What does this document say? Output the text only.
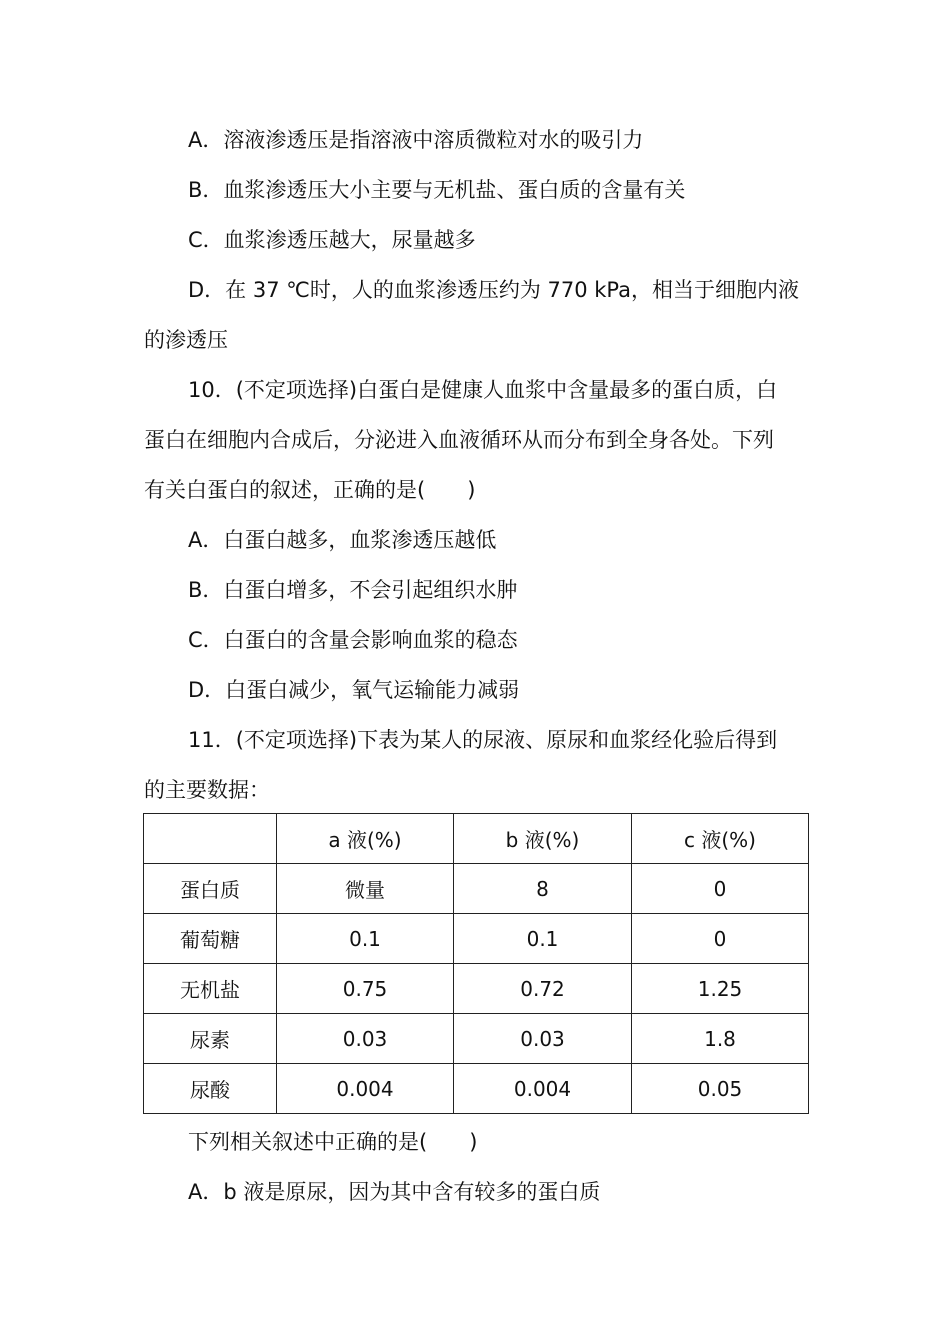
A．溶液渗透压是指溶液中溶质微粒对水的吸引力
B．血浆渗透压大小主要与无机盐、蛋白质的含量有关
C．血浆渗透压越大，尿量越多
D．在 37 ℃时，人的血浆渗透压约为 770 kPa，相当于细胞内液
的渗透压
10．(不定项选择)白蛋白是健康人血浆中含量最多的蛋白质，白
蛋白在细胞内合成后，分泌进入血液循环从而分布到全身各处。下列
有关白蛋白的叙述，正确的是(　　)
A．白蛋白越多，血浆渗透压越低
B．白蛋白增多，不会引起组织水肿
C．白蛋白的含量会影响血浆的稳态
D．白蛋白减少，氧气运输能力减弱
11．(不定项选择)下表为某人的尿液、原尿和血浆经化验后得到
的主要数据：
	a 液(%)	b 液(%)	c 液(%)
蛋白质	微量	8	0
葡萄糖	0.1	0.1	0
无机盐	0.75	0.72	1.25
尿素	0.03	0.03	1.8
尿酸	0.004	0.004	0.05
下列相关叙述中正确的是(　　)
A．b 液是原尿，因为其中含有较多的蛋白质
